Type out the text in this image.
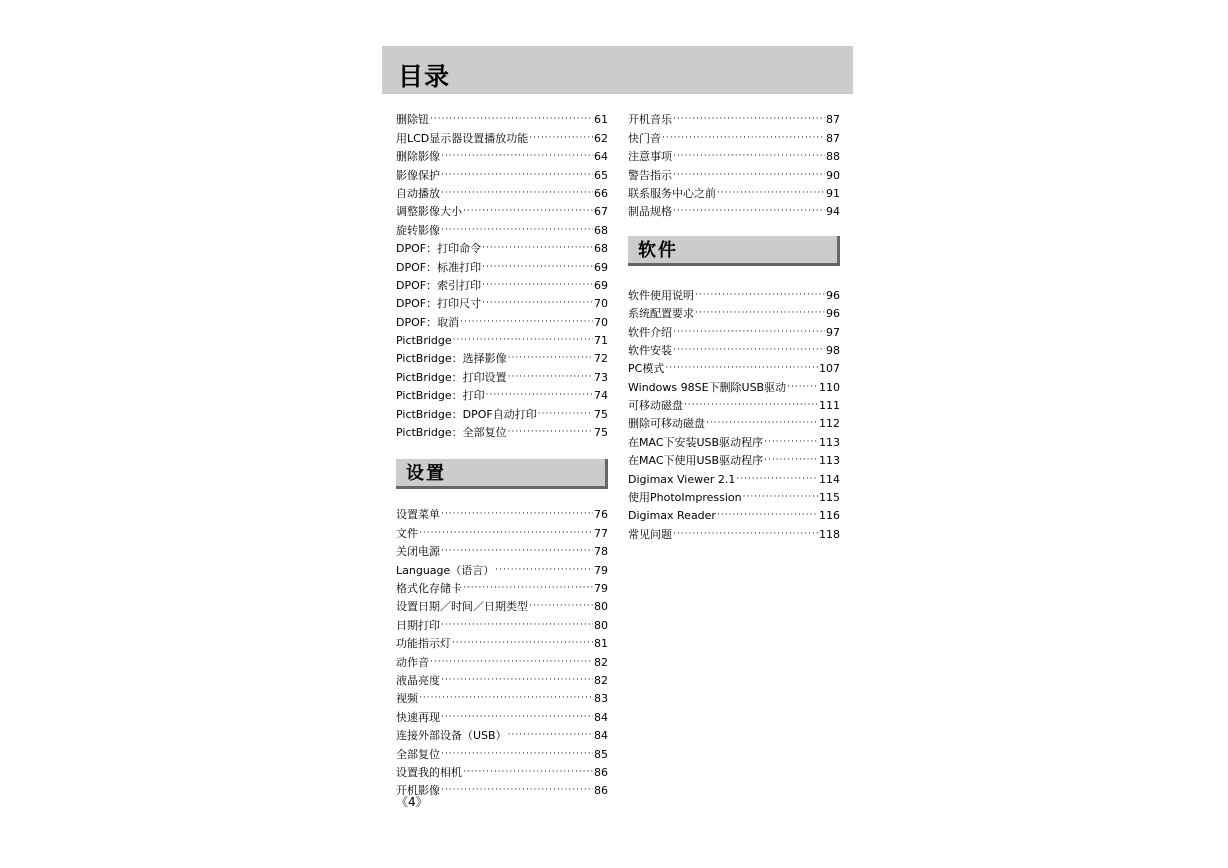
目录
删除钮 ·····	61
用LCD显示器设置播放功能 ·····	62
删除影像 ·····	64
影像保护 ·····	65
自动播放 ·····	66
调整影像大小 ·····	67
旋转影像 ·····	68
DPOF：打印命令 ·····	68
DPOF：标准打印 ·····	69
DPOF：索引打印 ·····	69
DPOF：打印尺寸 ·····	70
DPOF：取消 ·····	70
PictBridge ·····	71
PictBridge：选择影像 ·····	72
PictBridge：打印设置 ·····	73
PictBridge：打印 ·····	74
PictBridge：DPOF自动打印 ·····	75
PictBridge：全部复位 ·····	75
设置
设置菜单 ·····	76
文件 ·····	77
关闭电源 ·····	78
Language（语言） ·····	79
格式化存储卡 ·····	79
设置日期／时间／日期类型 ·····	80
日期打印 ·····	80
功能指示灯 ·····	81
动作音 ·····	82
液晶亮度 ·····	82
视频 ·····	83
快速再现 ·····	84
连接外部设备（USB） ·····	84
全部复位 ·····	85
设置我的相机 ·····	86
开机影像 ·····	86
开机音乐 ·····	87
快门音 ·····	87
注意事项 ·····	88
警告指示 ·····	90
联系服务中心之前 ·····	91
制品规格 ·····	94
软件
软件使用说明 ·····	96
系统配置要求 ·····	96
软件介绍 ·····	97
软件安装 ·····	98
PC模式 ·····	107
Windows 98SE下删除USB驱动 ·····	110
可移动磁盘 ·····	111
删除可移动磁盘 ·····	112
在MAC下安装USB驱动程序 ·····	113
在MAC下使用USB驱动程序 ·····	113
Digimax Viewer 2.1 ·····	114
使用PhotoImpression ·····	115
Digimax Reader ·····	116
常见问题 ·····	118
《4》
